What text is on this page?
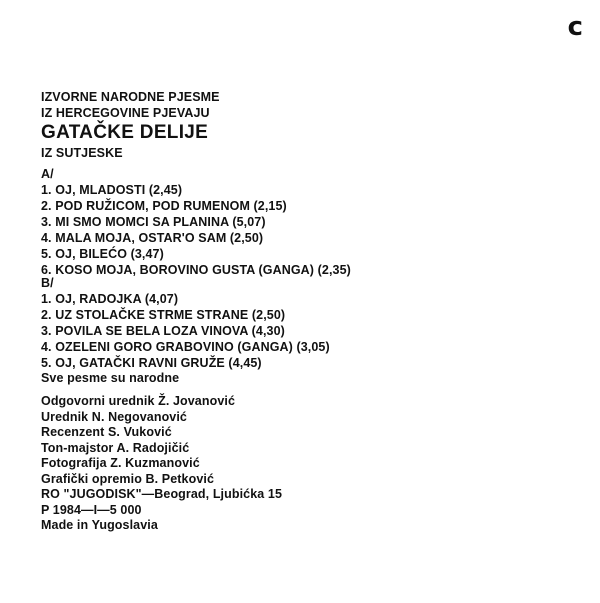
ɔ
IZVORNE NARODNE PJESME
IZ HERCEGOVINE PJEVAJU
GATAČKE DELIJE
IZ SUTJESKE
A/
1. OJ, MLADOSTI (2,45)
2. POD RUŽICOM, POD RUMENOM (2,15)
3. MI SMO MOMCI SA PLANINA (5,07)
4. MALA MOJA, OSTAR'O SAM (2,50)
5. OJ, BILEĆO (3,47)
6. KOSO MOJA, BOROVINO GUSTA (GANGA) (2,35)
B/
1. OJ, RADOJKA (4,07)
2. UZ STOLAČKE STRME STRANE (2,50)
3. POVILA SE BELA LOZA VINOVA (4,30)
4. OZELENI GORO GRABOVINO (GANGA) (3,05)
5. OJ, GATAČKI RAVNI GRUŽE (4,45)
Sve pesme su narodne
Odgovorni urednik Ž. Jovanović
Urednik N. Negovanović
Recenzent S. Vuković
Ton-majstor A. Radojičić
Fotografija Z. Kuzmanović
Grafički opremio B. Petković
RO "JUGODISK"—Beograd, Ljubićka 15
P 1984—I—5 000
Made in Yugoslavia
